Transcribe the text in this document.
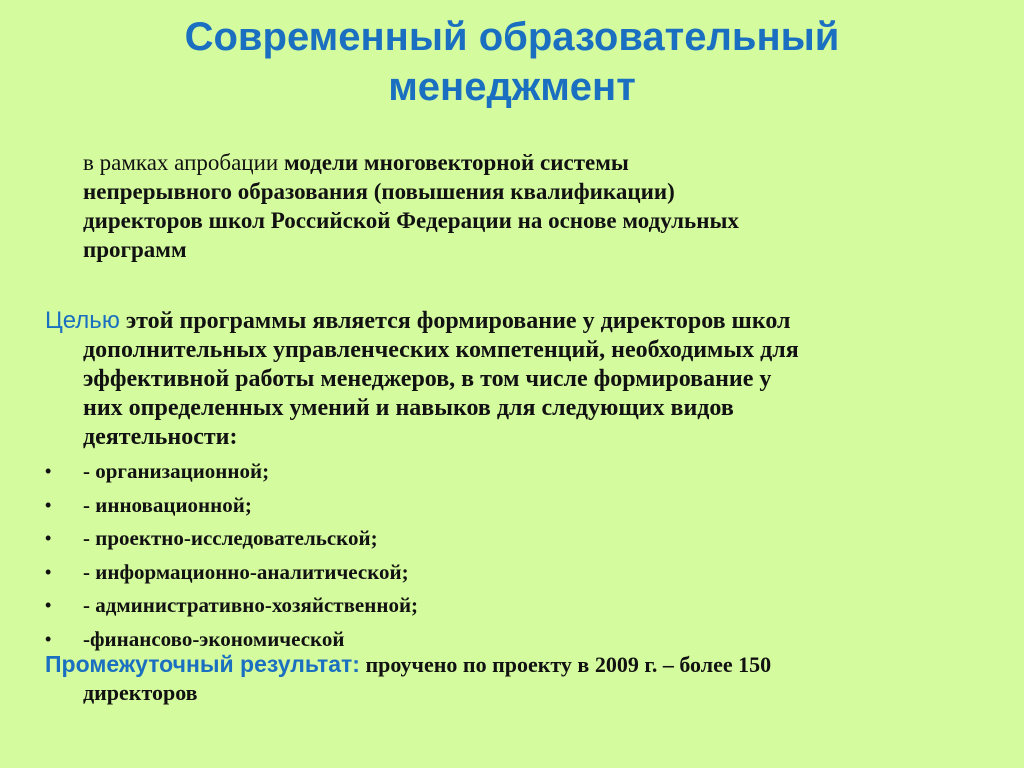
Современный образовательный
менеджмент
в рамках апробации модели многовекторной системы
непрерывного образования (повышения квалификации)
директоров школ Российской Федерации на основе модульных
программ
Целью этой программы является формирование у директоров школ
дополнительных управленческих компетенций, необходимых для
эффективной работы менеджеров, в том числе формирование у
них определенных умений и навыков для следующих видов
деятельности:
•	- организационной;
•	- инновационной;
•	- проектно-исследовательской;
•	- информационно-аналитической;
•	- административно-хозяйственной;
•	-финансово-экономической
Промежуточный результат: проучено по проекту в 2009 г. – более 150
директоров
